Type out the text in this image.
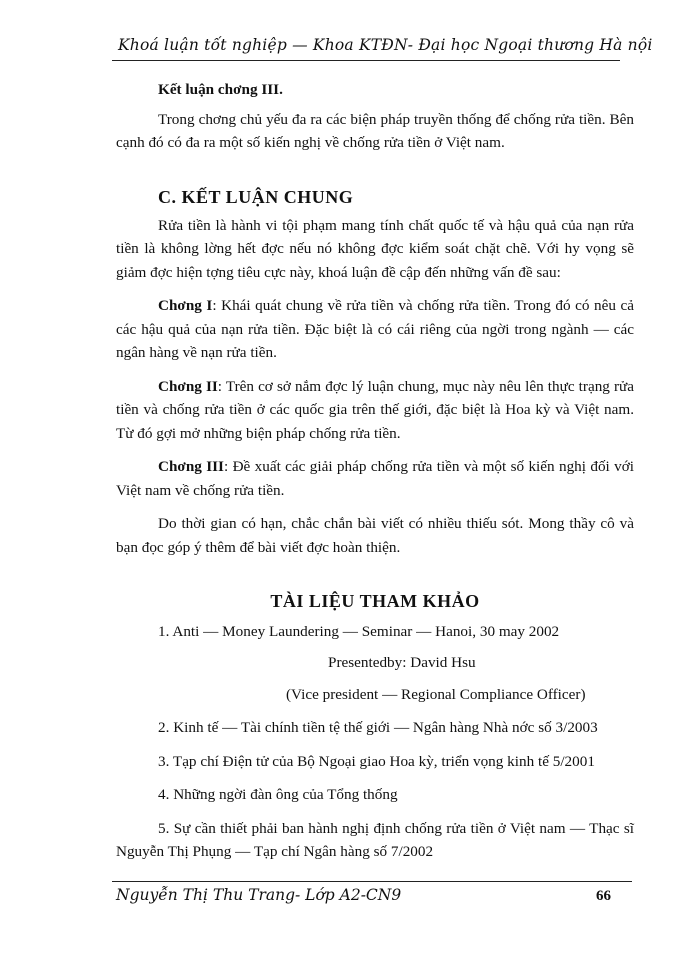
Khoá luận tốt nghiệp — Khoa KTĐN- Đại học Ngoại thương Hà nội

Kết luận chơng III.

Trong chơng chủ yếu đa ra các biện pháp truyền thống để chống rửa tiền. Bên cạnh đó có đa ra một số kiến nghị về chống rửa tiền ở Việt nam.

C. KẾT LUẬN CHUNG

Rửa tiền là hành vi tội phạm mang tính chất quốc tế và hậu quả của nạn rửa tiền là không lờng hết đợc nếu nó không đợc kiểm soát chặt chẽ. Với hy vọng sẽ giảm đợc hiện tợng tiêu cực này, khoá luận đề cập đến những vấn đề sau:

Chơng I: Khái quát chung về rửa tiền và chống rửa tiền. Trong đó có nêu cả các hậu quả của nạn rửa tiền. Đặc biệt là có cái riêng của ngời trong ngành — các ngân hàng về nạn rửa tiền.

Chơng II: Trên cơ sở nắm đợc lý luận chung, mục này nêu lên thực trạng rửa tiền và chống rửa tiền ở các quốc gia trên thế giới, đặc biệt là Hoa kỳ và Việt nam. Từ đó gợi mở những biện pháp chống rửa tiền.

Chơng III: Đề xuất các giải pháp chống rửa tiền và một số kiến nghị đối với Việt nam về chống rửa tiền.

Do thời gian có hạn, chắc chắn bài viết có nhiều thiếu sót. Mong thầy cô và bạn đọc góp ý thêm để bài viết đợc hoàn thiện.

TÀI LIỆU THAM KHẢO

1. Anti — Money Laundering — Seminar — Hanoi, 30 may 2002

Presentedby: David Hsu

(Vice president — Regional Compliance Officer)

2. Kinh tế — Tài chính tiền tệ thế giới — Ngân hàng Nhà nớc số 3/2003

3. Tạp chí Điện tử của Bộ Ngoại giao Hoa kỳ, triển vọng kinh tế 5/2001

4. Những ngời đàn ông của Tổng thống

5. Sự cần thiết phải ban hành nghị định chống rửa tiền ở Việt nam — Thạc sĩ Nguyễn Thị Phụng — Tạp chí Ngân hàng số 7/2002

Nguyễn Thị Thu Trang- Lớp A2-CN9	66
